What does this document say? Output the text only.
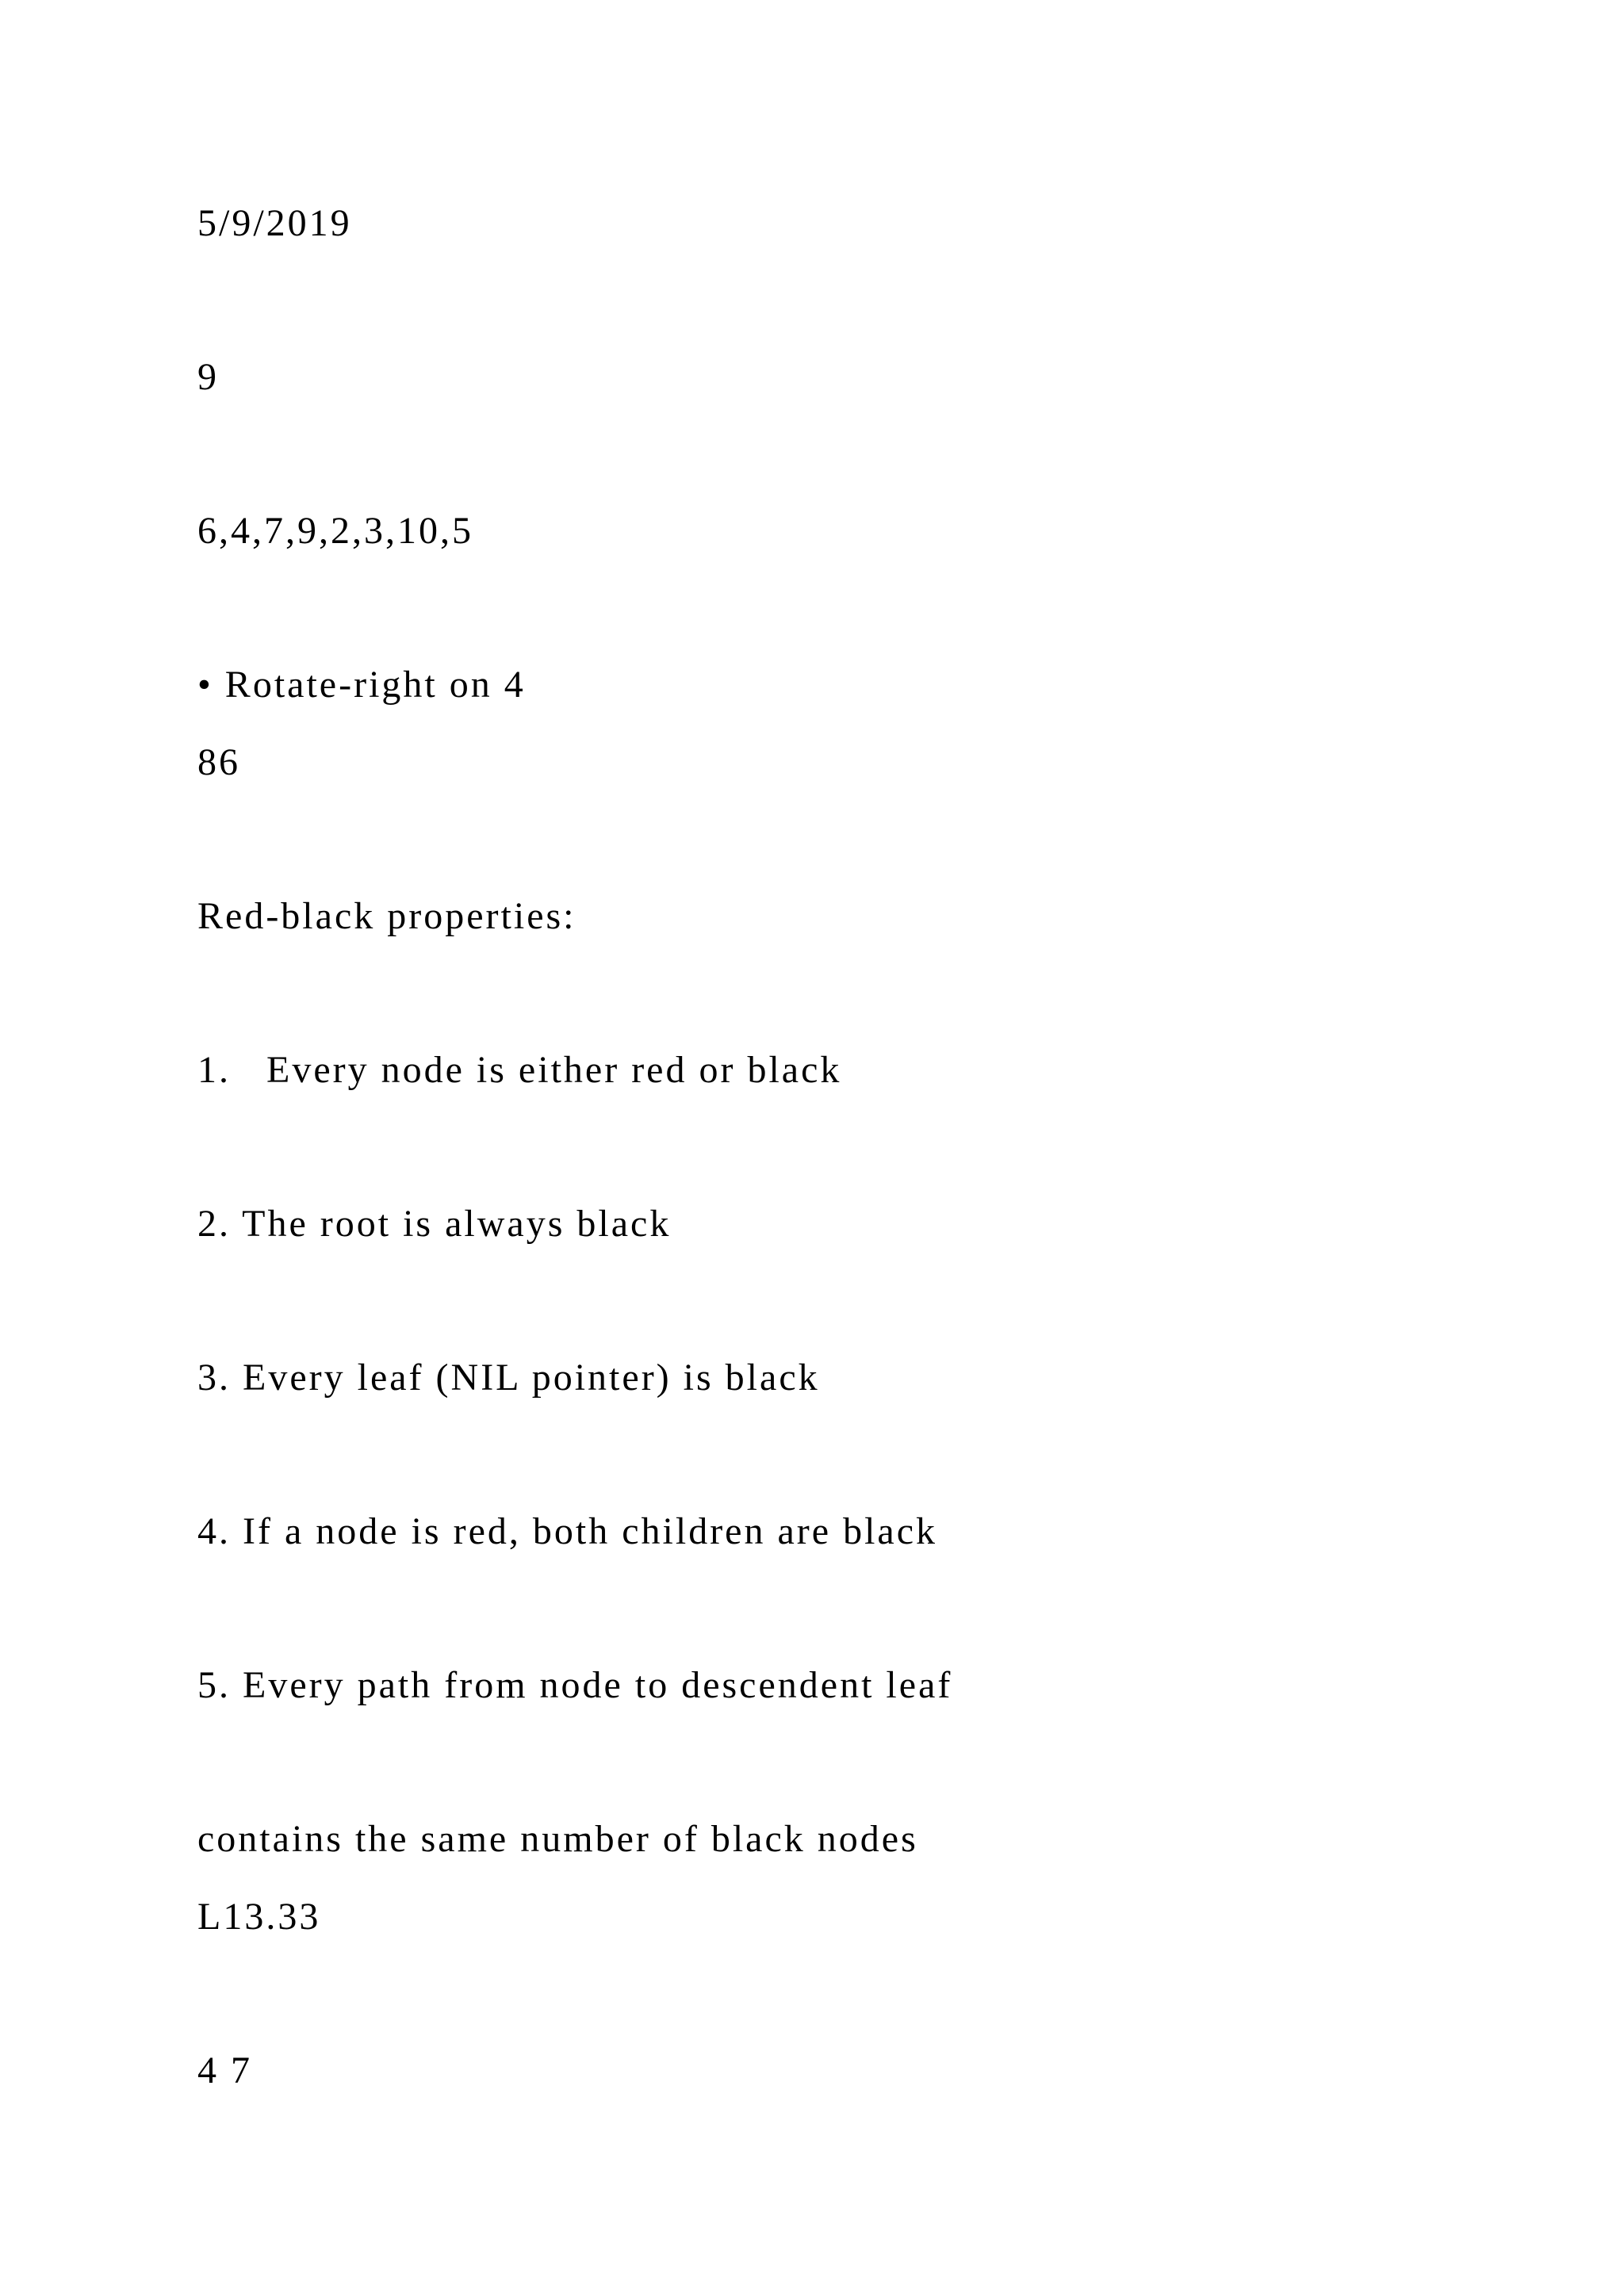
5/9/2019

9

6,4,7,9,2,3,10,5

• Rotate-right on 4

86

Red-black properties:

1.   Every node is either red or black

2. The root is always black

3. Every leaf (NIL pointer) is black

4. If a node is red, both children are black

5. Every path from node to descendent leaf

contains the same number of black nodes

L13.33

4 7
